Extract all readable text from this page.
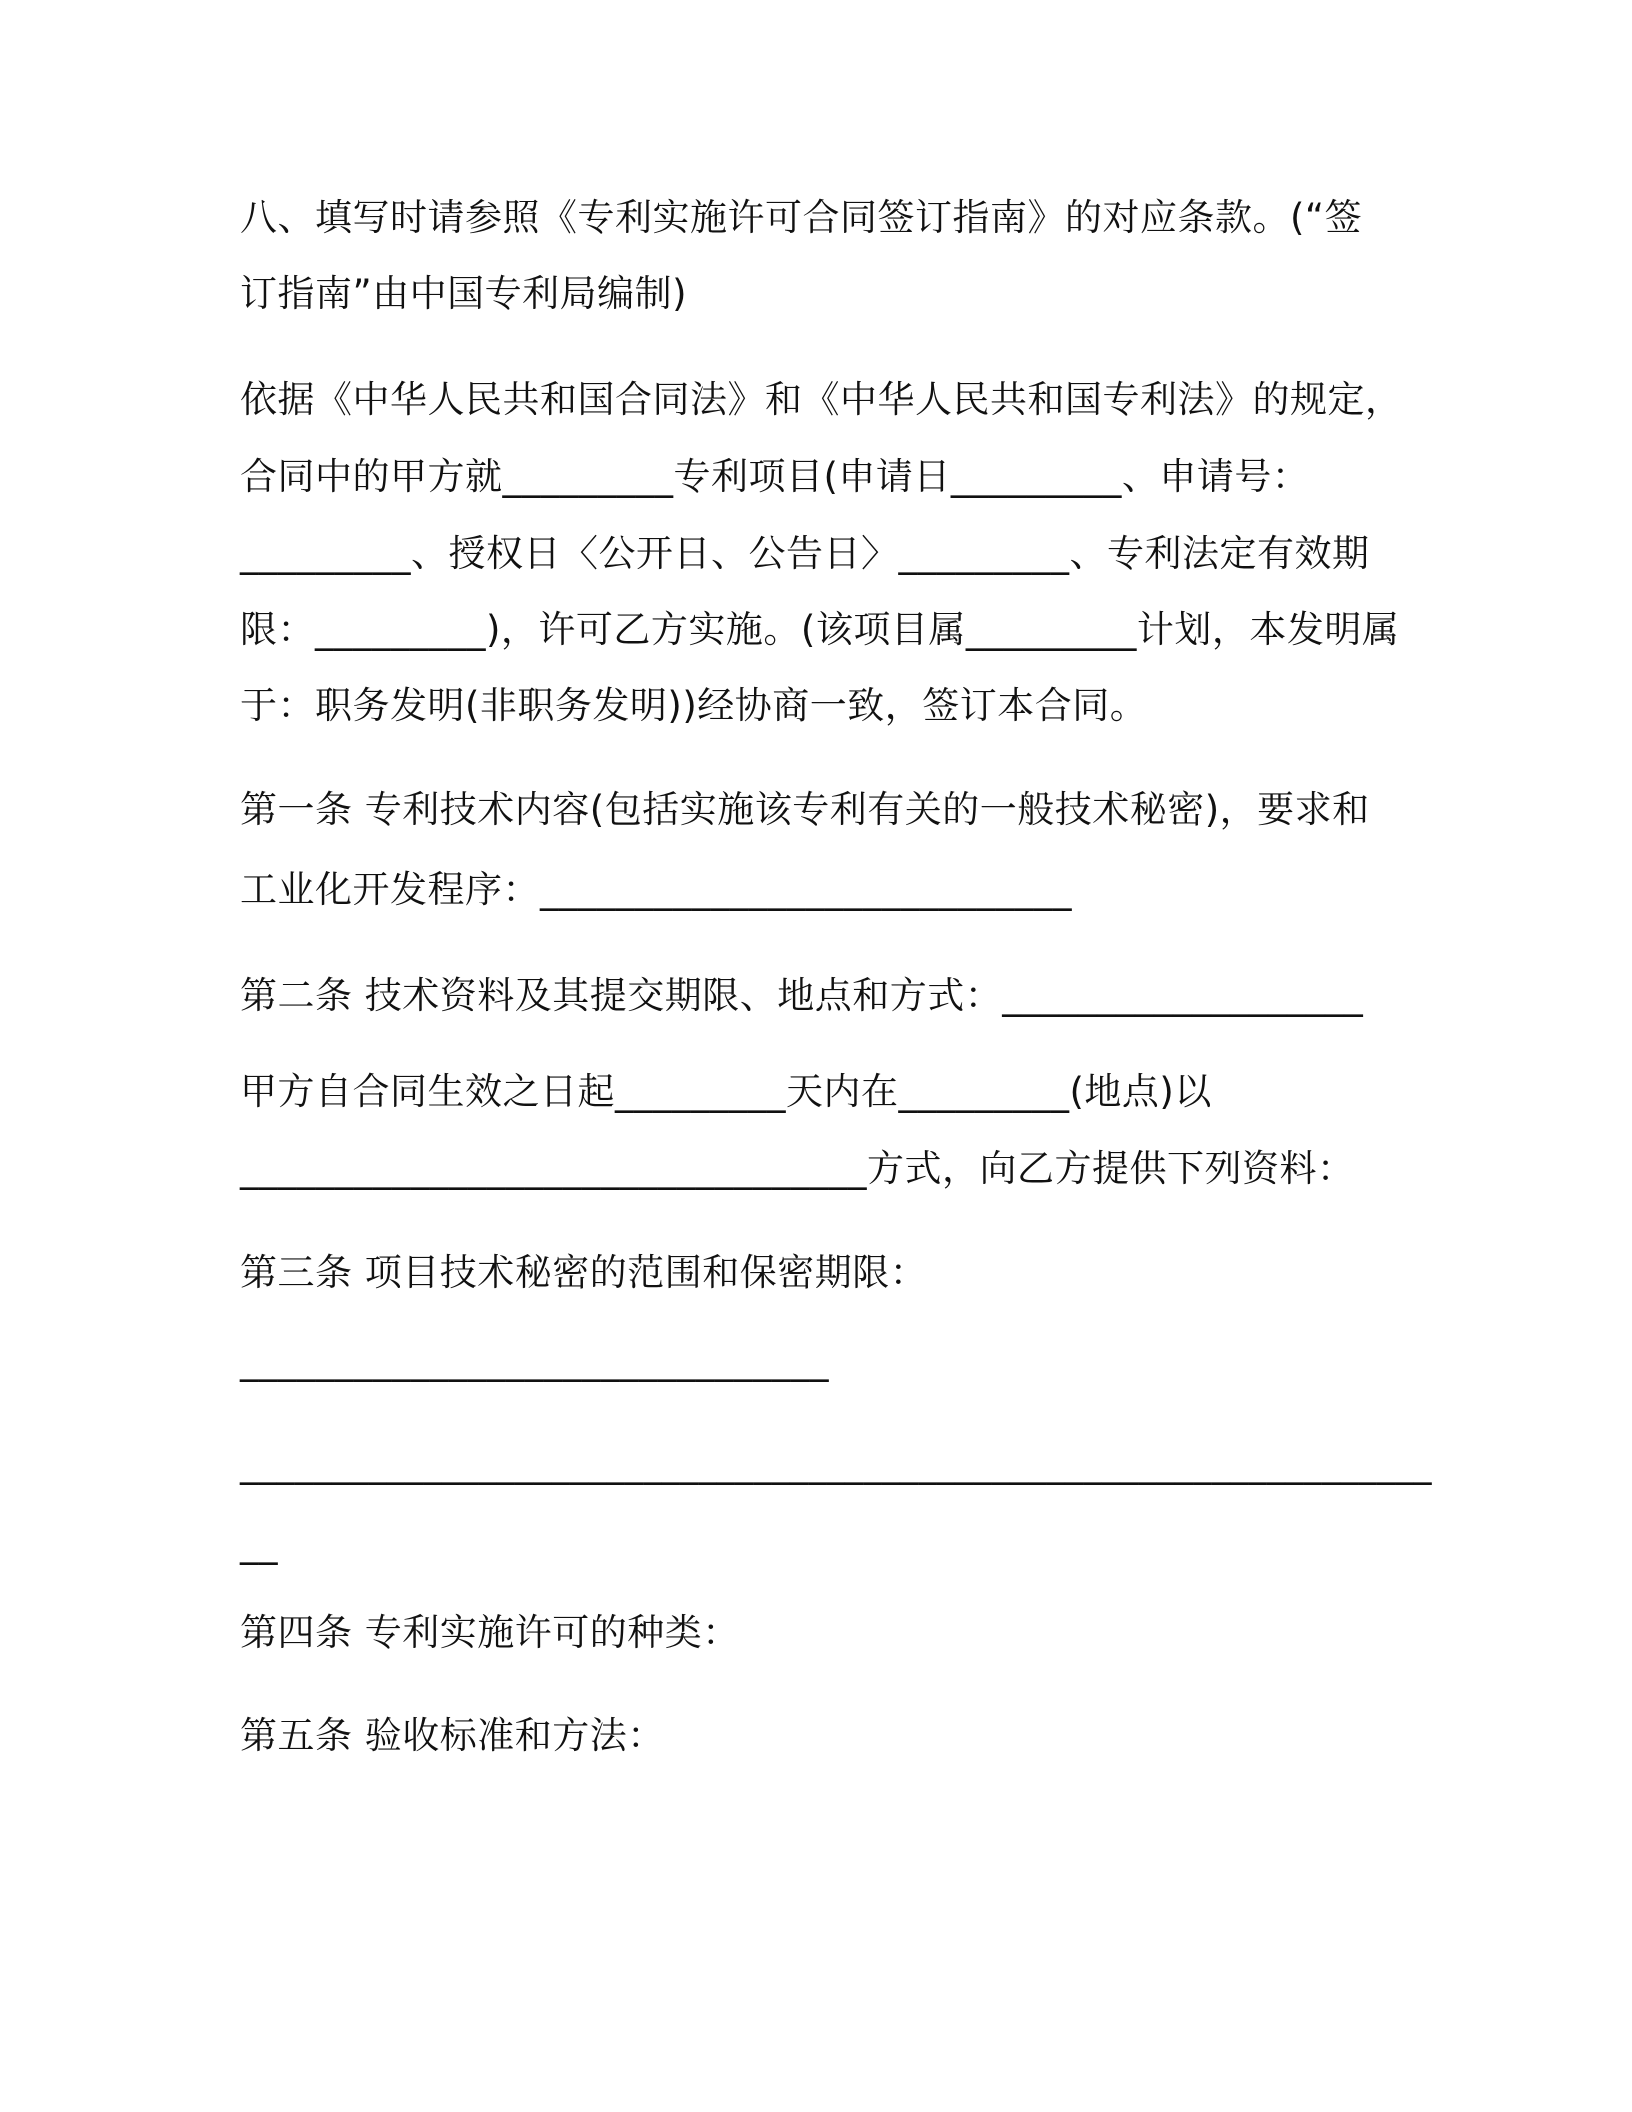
八、填写时请参照《专利实施许可合同签订指南》的对应条款。(“签
订指南”由中国专利局编制)
依据《中华人民共和国合同法》和《中华人民共和国专利法》的规定，
合同中的甲方就_________专利项目(申请日_________、申请号：
_________、授权日〈公开日、公告日〉_________、专利法定有效期
限：_________)，许可乙方实施。(该项目属_________计划，本发明属
于：职务发明(非职务发明))经协商一致，签订本合同。
第一条 专利技术内容(包括实施该专利有关的一般技术秘密)，要求和
工业化开发程序：____________________________
第二条 技术资料及其提交期限、地点和方式：___________________
甲方自合同生效之日起_________天内在_________(地点)以
_________________________________方式，向乙方提供下列资料：
第三条 项目技术秘密的范围和保密期限：
_______________________________
_________________________________________________________________
__
第四条 专利实施许可的种类：
第五条 验收标准和方法：
